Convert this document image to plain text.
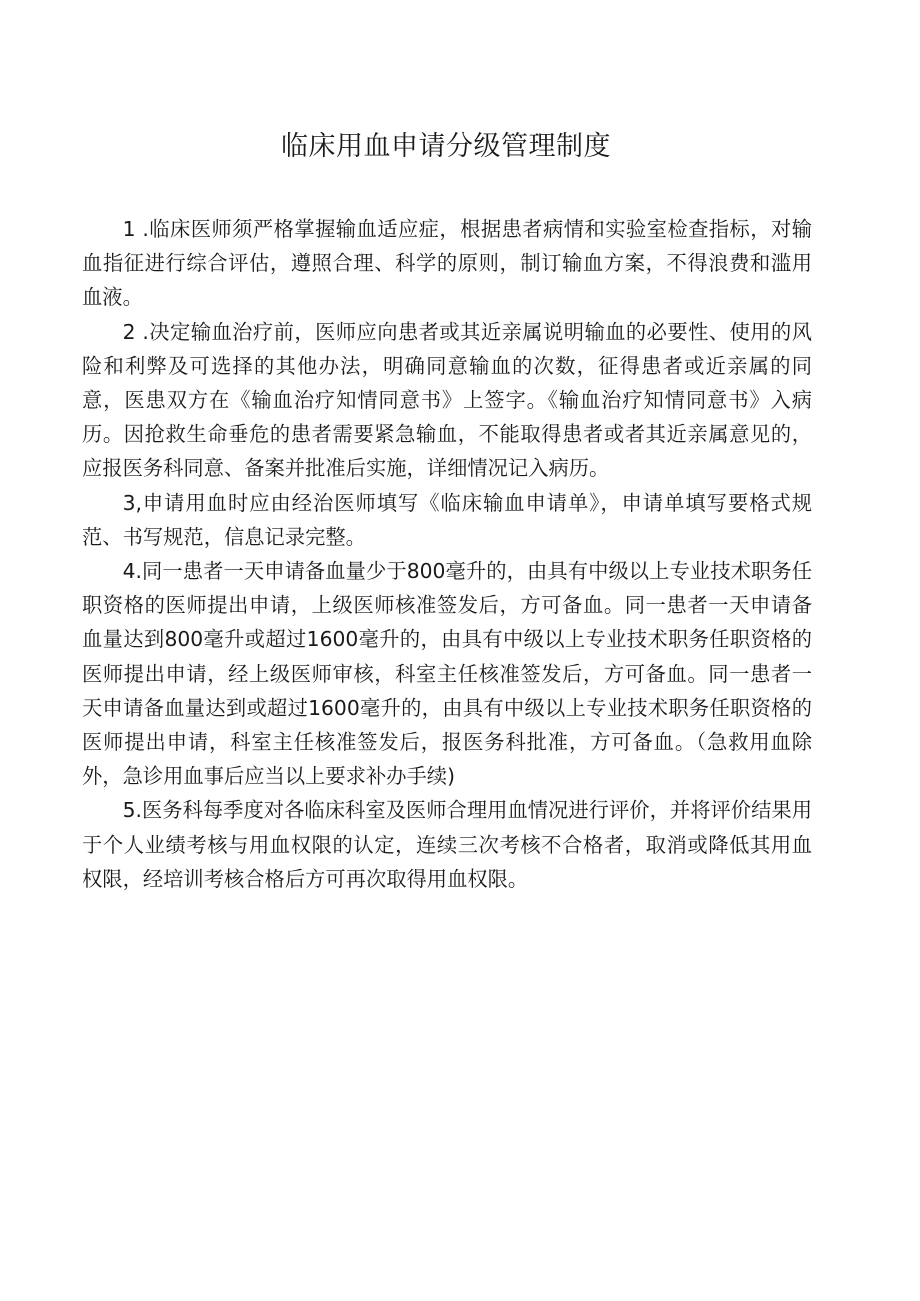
临床用血申请分级管理制度

1 .临床医师须严格掌握输血适应症，根据患者病情和实验室检查指标，对输血指征进行综合评估，遵照合理、科学的原则，制订输血方案，不得浪费和滥用血液。

2 .决定输血治疗前，医师应向患者或其近亲属说明输血的必要性、使用的风险和利弊及可选择的其他办法，明确同意输血的次数，征得患者或近亲属的同意，医患双方在《输血治疗知情同意书》上签字。《输血治疗知情同意书》入病历。因抢救生命垂危的患者需要紧急输血，不能取得患者或者其近亲属意见的，应报医务科同意、备案并批准后实施，详细情况记入病历。

3,申请用血时应由经治医师填写《临床输血申请单》，申请单填写要格式规范、书写规范，信息记录完整。

4.同一患者一天申请备血量少于800毫升的，由具有中级以上专业技术职务任职资格的医师提出申请，上级医师核准签发后，方可备血。同一患者一天申请备血量达到800毫升或超过1600毫升的，由具有中级以上专业技术职务任职资格的医师提出申请，经上级医师审核，科室主任核准签发后，方可备血。同一患者一天申请备血量达到或超过1600毫升的，由具有中级以上专业技术职务任职资格的医师提出申请，科室主任核准签发后，报医务科批准，方可备血。（急救用血除外，急诊用血事后应当以上要求补办手续)

5.医务科每季度对各临床科室及医师合理用血情况进行评价，并将评价结果用于个人业绩考核与用血权限的认定，连续三次考核不合格者，取消或降低其用血权限，经培训考核合格后方可再次取得用血权限。
